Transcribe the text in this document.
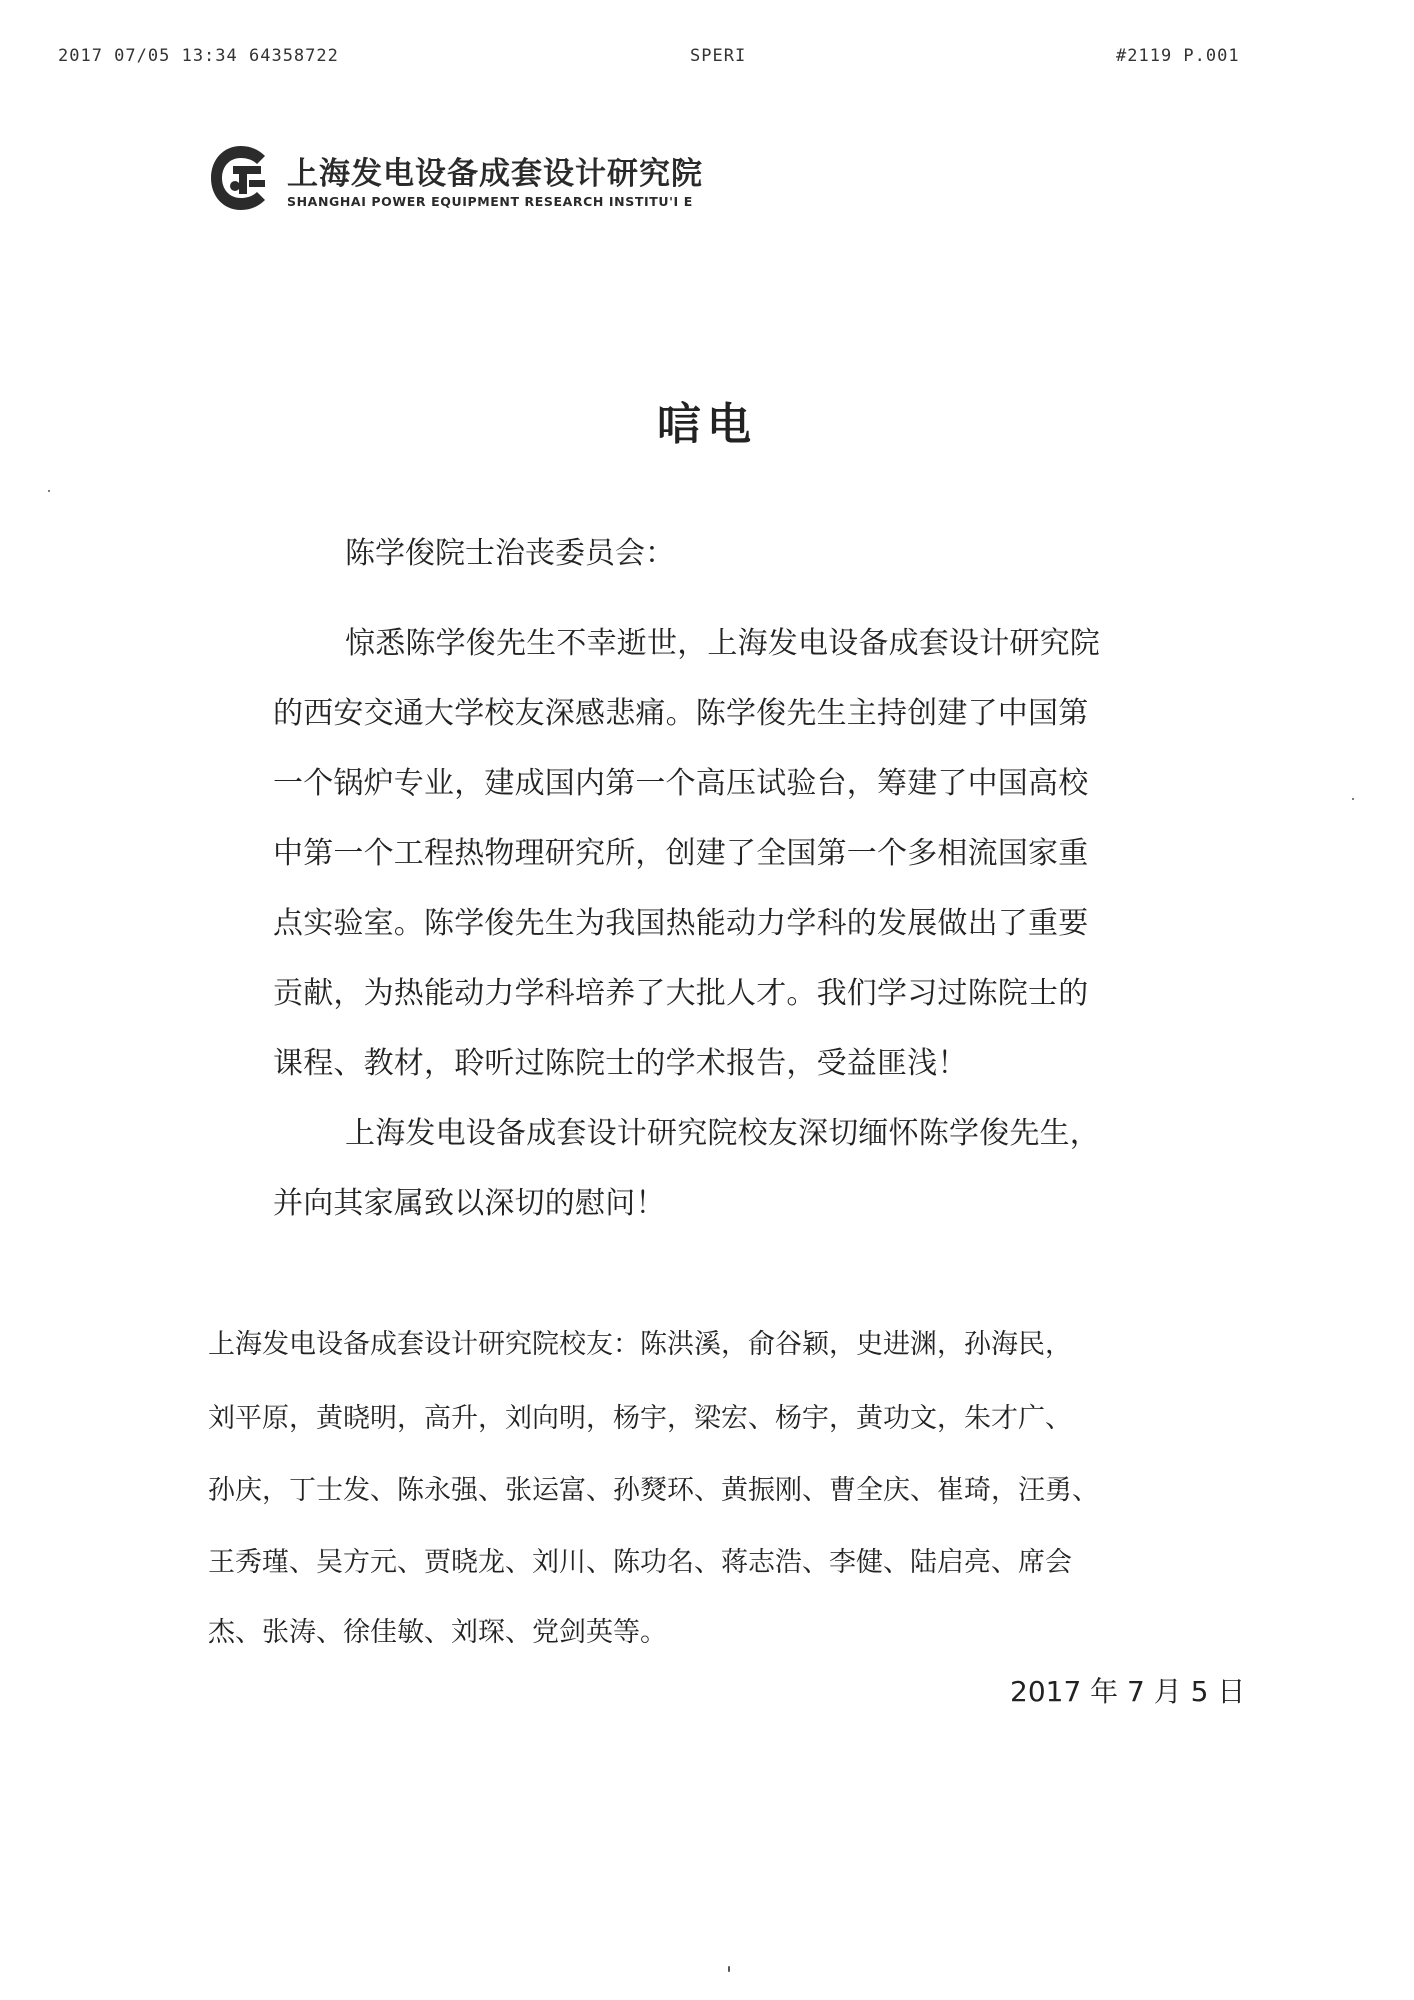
2017 07/05 13:34 64358722	SPERI	#2119 P.001
上海发电设备成套设计研究院
SHANGHAI POWER EQUIPMENT RESEARCH INSTITU'I E
唁电
陈学俊院士治丧委员会：
惊悉陈学俊先生不幸逝世，上海发电设备成套设计研究院
的西安交通大学校友深感悲痛。陈学俊先生主持创建了中国第
一个锅炉专业，建成国内第一个高压试验台，筹建了中国高校
中第一个工程热物理研究所，创建了全国第一个多相流国家重
点实验室。陈学俊先生为我国热能动力学科的发展做出了重要
贡献，为热能动力学科培养了大批人才。我们学习过陈院士的
课程、教材，聆听过陈院士的学术报告，受益匪浅！
上海发电设备成套设计研究院校友深切缅怀陈学俊先生，
并向其家属致以深切的慰问！
上海发电设备成套设计研究院校友：陈洪溪，俞谷颖，史进渊，孙海民，
刘平原，黄晓明，高升，刘向明，杨宇，梁宏、杨宇，黄功文，朱才广、
孙庆，丁士发、陈永强、张运富、孙燹环、黄振刚、曹全庆、崔琦，汪勇、
王秀瑾、吴方元、贾晓龙、刘川、陈功名、蒋志浩、李健、陆启亮、席会
杰、张涛、徐佳敏、刘琛、党剑英等。
2017 年 7 月 5 日
